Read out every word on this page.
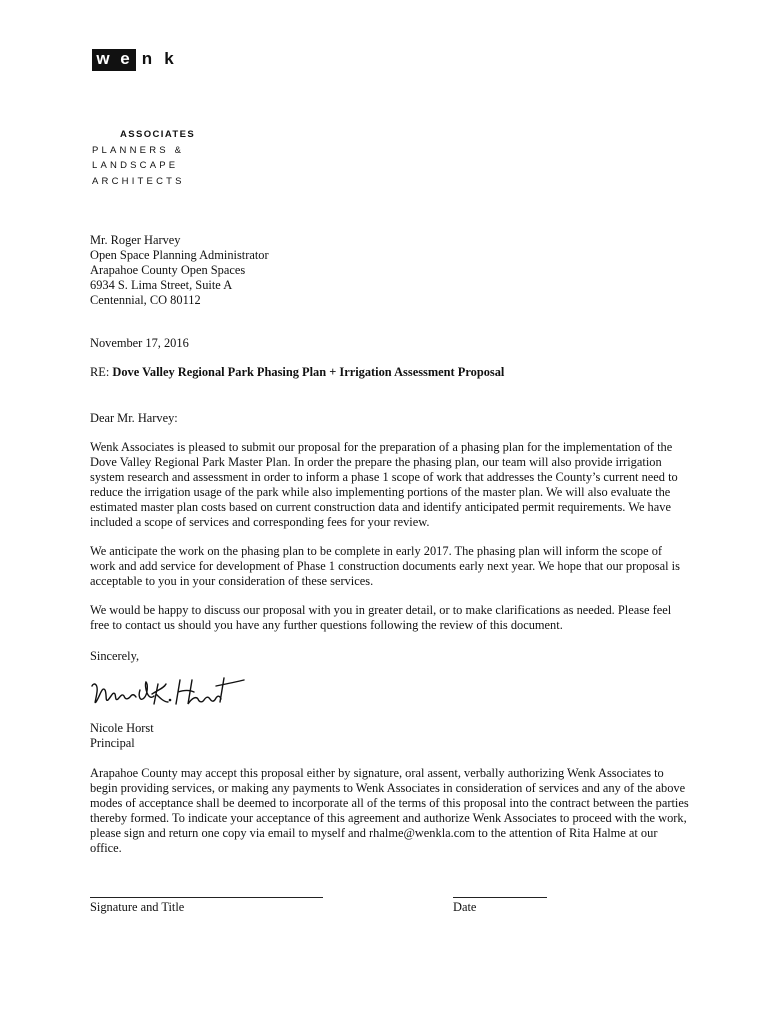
w e n k
ASSOCIATES
PLANNERS &
LANDSCAPE
ARCHITECTS
Mr. Roger Harvey
Open Space Planning Administrator
Arapahoe County Open Spaces
6934 S. Lima Street, Suite A
Centennial, CO 80112
November 17, 2016
RE: Dove Valley Regional Park Phasing Plan + Irrigation Assessment Proposal
Dear Mr. Harvey:
Wenk Associates is pleased to submit our proposal for the preparation of a phasing plan for the implementation of the Dove Valley Regional Park Master Plan. In order the prepare the phasing plan, our team will also provide irrigation system research and assessment in order to inform a phase 1 scope of work that addresses the County’s current need to reduce the irrigation usage of the park while also implementing portions of the master plan. We will also evaluate the estimated master plan costs based on current construction data and identify anticipated permit requirements. We have included a scope of services and corresponding fees for your review.
We anticipate the work on the phasing plan to be complete in early 2017. The phasing plan will inform the scope of work and add service for development of Phase 1 construction documents early next year. We hope that our proposal is acceptable to you in your consideration of these services.
We would be happy to discuss our proposal with you in greater detail, or to make clarifications as needed. Please feel free to contact us should you have any further questions following the review of this document.
Sincerely,
Nicole Horst
Principal
Arapahoe County may accept this proposal either by signature, oral assent, verbally authorizing Wenk Associates to begin providing services, or making any payments to Wenk Associates in consideration of services and any of the above modes of acceptance shall be deemed to incorporate all of the terms of this proposal into the contract between the parties thereby formed. To indicate your acceptance of this agreement and authorize Wenk Associates to proceed with the work, please sign and return one copy via email to myself and rhalme@wenkla.com to the attention of Rita Halme at our office.
Signature and Title	Date
